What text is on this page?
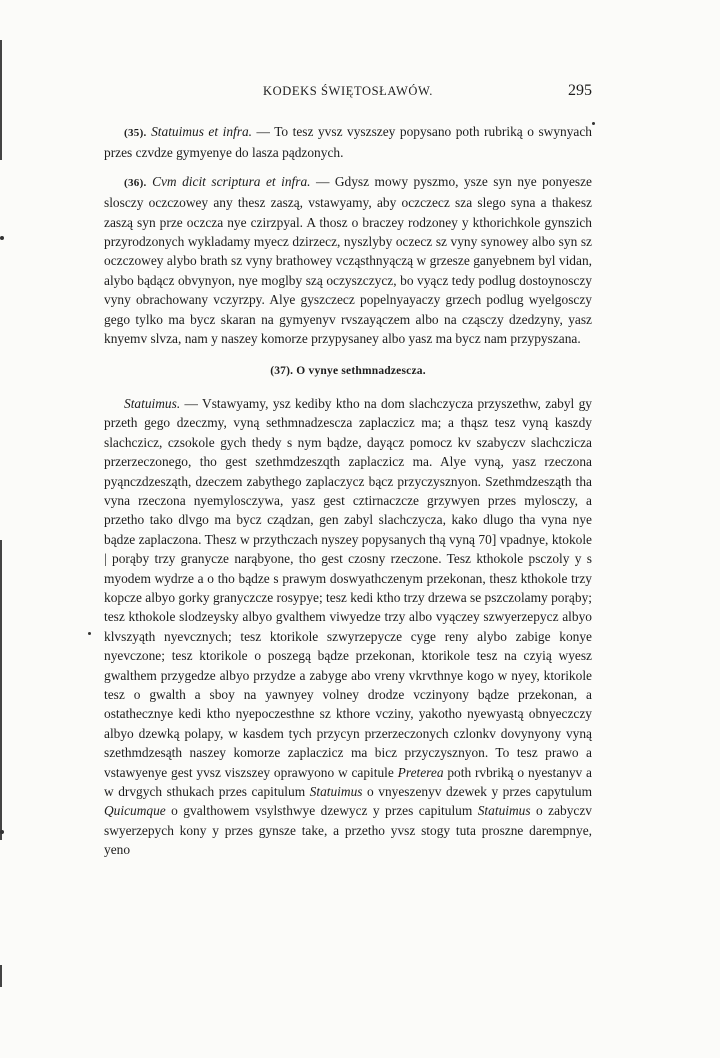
KODEKS ŚWIĘTOSŁAWÓW.	295

(35). Statuimus et infra. — To tesz yvsz vyszszey popysano poth rubriką o swynyach przes czvdze gymyenye do lasza pądzonych.

(36). Cvm dicit scriptura et infra. — Gdysz mowy pyszmo, ysze syn nye ponyesze slosczy oczczowey any thesz zaszą, vstawyamy, aby oczczecz sza slego syna a thakesz zaszą syn prze oczcza nye czirzpyal. A thosz o braczey rodzoney y kthorichkole gynszich przyrodzonych wykladamy myecz dzirzecz, nyszlyby oczecz sz vyny synowey albo syn sz oczczowey alybo brath sz vyny brathowey vcząsthnyączą w grzesze ganyebnem byl vidan, alybo bądącz obvynyon, nye moglby szą oczyszczycz, bo vyącz tedy podlug dostoynosczy vyny obrachowany vczyrzpy. Alye gyszczecz popelnyayaczy grzech podlug wyelgosczy gego tylko ma bycz skaran na gymyenyv rvszayączem albo na cząsczy dzedzyny, yasz knyemv slvza, nam y naszey komorze przypysaney albo yasz ma bycz nam przypyszana.

(37). O vynye sethmnadzescza.

Statuimus. — Vstawyamy, ysz kediby ktho na dom slachczycza przyszethw, zabyl gy przeth gego dzeczmy, vyną sethmnadzescza zaplaczicz ma; a thąsz tesz vyną kaszdy slachczicz, czsokole gych thedy s nym bądze, dayącz pomocz kv szabyczv slachczicza przerzeczonego, tho gest szethmdzeszqth zaplaczicz ma. Alye vyną, yasz rzeczona pyąnczdzesząth, dzeczem zabythego zaplaczycz bącz przyczysznyon. Szethmdzesząth tha vyna rzeczona nyemylosczywa, yasz gest cztirnaczcze grzywyen przes mylosczy, a przetho tako dlvgo ma bycz cządzan, gen zabyl slachczycza, kako dlugo tha vyna nye bądze zaplaczona. Thesz w przythczach nyszey popysanych thą vyną 70] vpadnye, ktokole | porąby trzy granycze narąbyone, tho gest czosny rzeczone. Tesz kthokole psczoly y s myodem wydrze a o tho bądze s prawym doswyathczenym przekonan, thesz kthokole trzy kopcze albyo gorky granyczcze rosypye; tesz kedi ktho trzy drzewa se pszczolamy porąby; tesz kthokole slodzeysky albyo gvalthem viwyedze trzy albo vyączey szwyerzepycz albyo klvszyąth nyevcznych; tesz ktorikole szwyrzepycze cyge reny alybo zabige konye nyevczone; tesz ktorikole o poszegą bądze przekonan, ktorikole tesz na czyią wyesz gwalthem przygedze albyo przydze a zabyge abo vreny vkrvthnye kogo w nyey, ktorikole tesz o gwalth a sboy na yawnyey volney drodze vczinyony bądze przekonan, a ostathecznye kedi ktho nyepoczesthne sz kthore vcziny, yakotho nyewyastą obnyeczczy albyo dzewką polapy, w kasdem tych przycyn przerzeczonych czlonkv dovynyony vyną szethmdzesąth naszey komorze zaplaczicz ma bicz przyczysznyon. To tesz prawo a vstawyenye gest yvsz viszszey oprawyono w capitule Preterea poth rvbriką o nyestanyv a w drvgych sthukach przes capitulum Statuimus o vnyeszenyv dzewek y przes capytulum Quicumque o gvalthowem vsylsthwye dzewycz y przes capitulum Statuimus o zabyczv swyerzepych kony y przes gynsze take, a przetho yvsz stogy tuta proszne darempnye, yeno
